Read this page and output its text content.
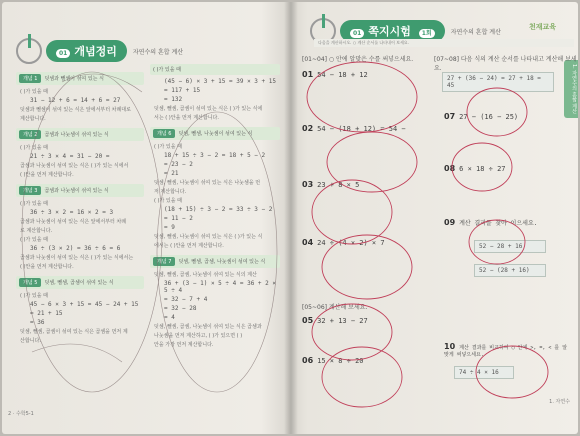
01 개념정리	자연수의 혼합 계산
개념 1	덧셈과 뺄셈이 섞여 있는 식
( )가 있을 때
31 − 12 + 6 = 14 + 6 = 27
덧셈과 뺄셈이 섞여 있는 식은 앞에서부터 차례대로
계산합니다.
개념 2	곱셈과 나눗셈이 섞여 있는 식
( )가 있을 때
21 ÷ 3 × 4 = 31 − 20 =
곱셈과 나눗셈이 섞여 있는 식은 ( )가 있는 식에서
( )안을 먼저 계산합니다.
개념 3	곱셈과 나눗셈이 섞여 있는 식
( )가 있을 때
36 ÷ 3 × 2 = 16 × 2 = 3
곱셈과 나눗셈이 섞여 있는 식은 앞에서부터 차례
로 계산합니다.
( )가 있을 때
36 ÷ (3 × 2) = 36 ÷ 6 = 6
곱셈과 나눗셈이 섞여 있는 식은 ( )가 있는 식에서는
( )안을 먼저 계산합니다.
개념 5	덧셈, 뺄셈, 곱셈이 섞여 있는 식
( )가 있을 때
45 − 6 × 3 + 15 = 45 − 24 + 15
= 21 + 15
= 36
덧셈, 뺄셈, 곱셈이 섞여 있는 식은 곱셈을 먼저 계
산합니다.
( )가 있을 때
(45 − 6) × 3 + 15 = 39 × 3 + 15
= 117 + 15
= 132
덧셈, 뺄셈, 곱셈이 섞여 있는 식은 ( )가 있는 식에
서는 ( )안을 먼저 계산합니다.
개념 6	덧셈, 뺄셈, 나눗셈이 섞여 있는 식
( )가 있을 때
18 + 15 ÷ 3 − 2 = 18 + 5 − 2
= 23 − 2
= 21
덧셈, 뺄셈, 나눗셈이 섞여 있는 식은 나눗셈을 먼
저 계산합니다.
( )가 있을 때
(18 + 15) ÷ 3 − 2 = 33 ÷ 3 − 2
= 11 − 2
= 9
덧셈, 뺄셈, 나눗셈이 섞여 있는 식은 ( )가 있는 식
에서는 ( )안을 먼저 계산합니다.
개념 7	덧셈, 뺄셈, 곱셈, 나눗셈이 섞여 있는 식
덧셈, 뺄셈, 곱셈, 나눗셈이 섞여 있는 식의 계산
36 + (3 − 1) × 5 ÷ 4 = 36 + 2 × 5 ÷ 4
= 32 − 7 + 4
= 32 − 28
= 4
덧셈, 뺄셈, 곱셈, 나눗셈이 섞여 있는 식은 곱셈과
나눗셈을 먼저 계산하고, ( )가 있으면 ( )
안을 가장 먼저 계산합니다.
2 · 수학5-1
01 쪽지시험 1회	자연수의 혼합 계산
천재교육
다음을 계산하시오. ○ 계산 순서를 나타내어 보세요.
1. 자연수의 혼합 계산
[01~04] ○ 안에 알맞은 수를 써넣으세요.	[07~08] 다음 식의 계산 순서를 나타내고 계산해 보세요.
[05~06] 계산해 보세요.
01 54 − 18 + 12
02 54 − (18 + 12) = 54 −
03 23 + 8 × 5
04 24 ÷ (4 × 2) × 7
05 32 + 13 − 27
06 15 × 8 ÷ 20
27 + (36 − 24) = 27 + 18 = 45
07 27 − (16 − 25)
08 6 × 18 ÷ 27
09 계산 결과를 찾아 이으세요.
52 − 28 + 16
52 − (28 + 16)
10 계산 결과를 비교하여 ○ 안에 >, =, < 를 알맞게 써넣으세요.
74 ÷ 4 × 16
1. 자연수
